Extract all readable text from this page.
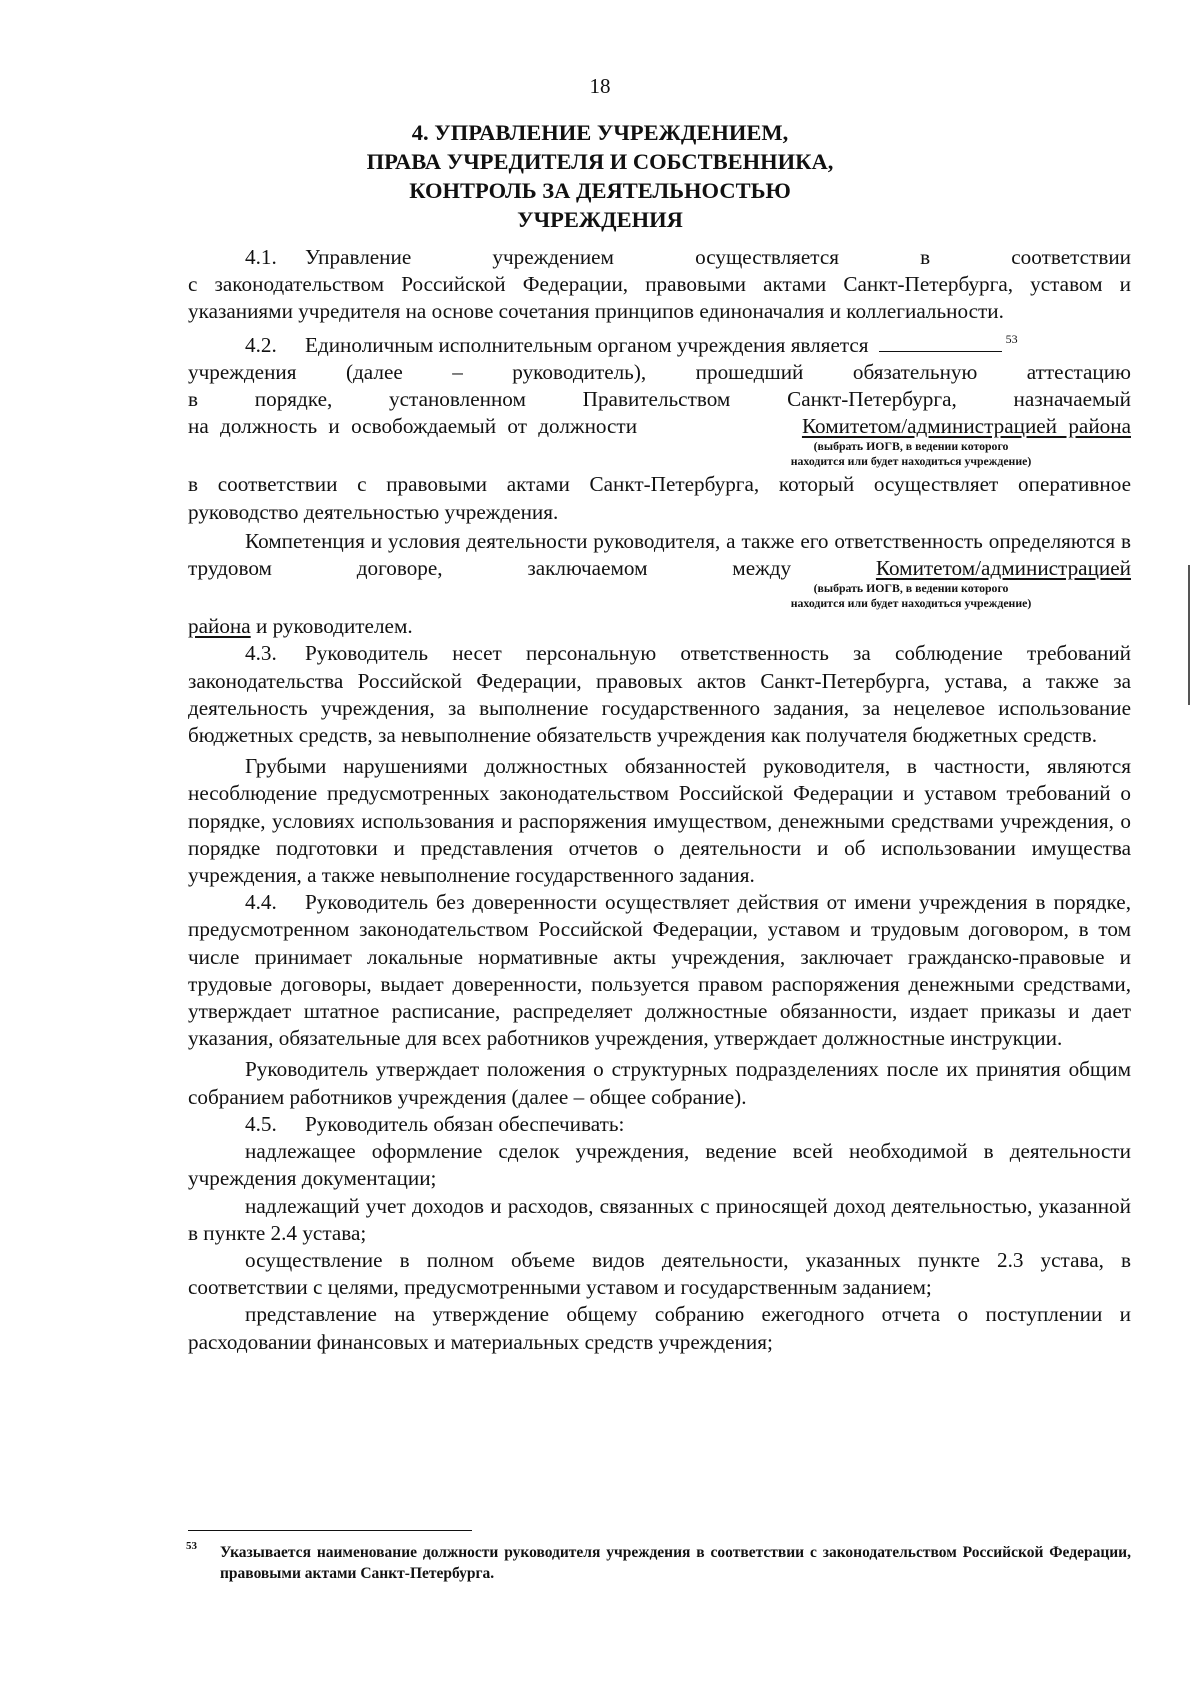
18
4. УПРАВЛЕНИЕ УЧРЕЖДЕНИЕМ,
ПРАВА УЧРЕДИТЕЛЯ И СОБСТВЕННИКА,
КОНТРОЛЬ ЗА ДЕЯТЕЛЬНОСТЬЮ
УЧРЕЖДЕНИЯ
4.1. Управление	учреждением	осуществляется	в	соответствии
с законодательством Российской Федерации, правовыми актами Санкт-Петербурга, уставом и указаниями учредителя на основе сочетания принципов единоначалия и коллегиальности.
4.2. Единоличным исполнительным органом учреждения является	$^{53}$
учреждения (далее – руководитель), прошедший обязательную аттестацию
в	порядке,	установленном	Правительством	Санкт-Петербурга,	назначаемый
на должность и освобождаемый от должности	Комитетом/администрацией района
(выбрать ИОГВ, в ведении которого
находится или будет находиться учреждение)
в соответствии с правовыми актами Санкт-Петербурга, который осуществляет оперативное руководство деятельностью учреждения.
Компетенция и условия деятельности руководителя, а также его ответственность определяются в трудовом договоре, заключаемом между	Комитетом/администрацией
(выбрать ИОГВ, в ведении которого
находится или будет находиться учреждение)
района и руководителем.
4.3. Руководитель несет персональную ответственность за соблюдение требований законодательства Российской Федерации, правовых актов Санкт-Петербурга, устава, а также за деятельность учреждения, за выполнение государственного задания, за нецелевое использование бюджетных средств, за невыполнение обязательств учреждения как получателя бюджетных средств.
Грубыми нарушениями должностных обязанностей руководителя, в частности, являются несоблюдение предусмотренных законодательством Российской Федерации и уставом требований о порядке, условиях использования и распоряжения имуществом, денежными средствами учреждения, о порядке подготовки и представления отчетов о деятельности и об использовании имущества учреждения, а также невыполнение государственного задания.
4.4. Руководитель без доверенности осуществляет действия от имени учреждения в порядке, предусмотренном законодательством Российской Федерации, уставом и трудовым договором, в том числе принимает локальные нормативные акты учреждения, заключает гражданско-правовые и трудовые договоры, выдает доверенности, пользуется правом распоряжения денежными средствами, утверждает штатное расписание, распределяет должностные обязанности, издает приказы и дает указания, обязательные для всех работников учреждения, утверждает должностные инструкции.
Руководитель утверждает положения о структурных подразделениях после их принятия общим собранием работников учреждения (далее – общее собрание).
4.5. Руководитель обязан обеспечивать:
надлежащее оформление сделок учреждения, ведение всей необходимой в деятельности учреждения документации;
надлежащий учет доходов и расходов, связанных с приносящей доход деятельностью, указанной в пункте 2.4 устава;
осуществление в полном объеме видов деятельности, указанных пункте 2.3 устава, в соответствии с целями, предусмотренными уставом и государственным заданием;
представление на утверждение общему собранию ежегодного отчета о поступлении и расходовании финансовых и материальных средств учреждения;
53	Указывается наименование должности руководителя учреждения в соответствии с законодательством Российской Федерации, правовыми актами Санкт-Петербурга.
